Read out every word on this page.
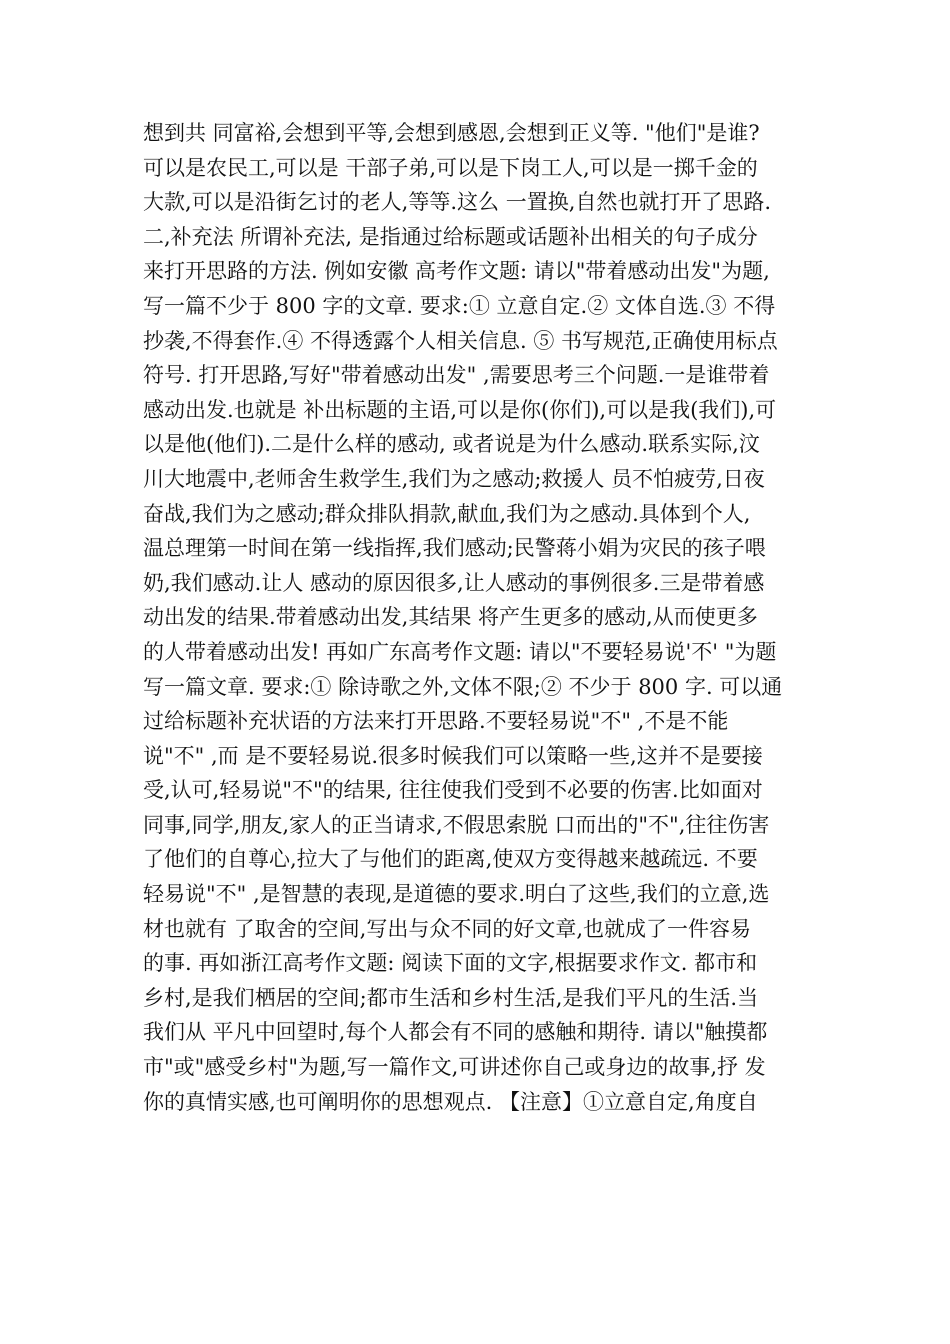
想到共 同富裕,会想到平等,会想到感恩,会想到正义等. "他们"是谁?
可以是农民工,可以是 干部子弟,可以是下岗工人,可以是一掷千金的
大款,可以是沿街乞讨的老人,等等.这么 一置换,自然也就打开了思路.
二,补充法 所谓补充法, 是指通过给标题或话题补出相关的句子成分
来打开思路的方法. 例如安徽 高考作文题: 请以"带着感动出发"为题,
写一篇不少于 800 字的文章. 要求:① 立意自定.② 文体自选.③ 不得
抄袭,不得套作.④ 不得透露个人相关信息. ⑤ 书写规范,正确使用标点
符号. 打开思路,写好"带着感动出发" ,需要思考三个问题.一是谁带着
感动出发.也就是 补出标题的主语,可以是你(你们),可以是我(我们),可
以是他(他们).二是什么样的感动, 或者说是为什么感动.联系实际,汶
川大地震中,老师舍生救学生,我们为之感动;救援人 员不怕疲劳,日夜
奋战,我们为之感动;群众排队捐款,献血,我们为之感动.具体到个人,
温总理第一时间在第一线指挥,我们感动;民警蒋小娟为灾民的孩子喂
奶,我们感动.让人 感动的原因很多,让人感动的事例很多.三是带着感
动出发的结果.带着感动出发,其结果 将产生更多的感动,从而使更多
的人带着感动出发! 再如广东高考作文题: 请以"不要轻易说'不' "为题
写一篇文章. 要求:① 除诗歌之外,文体不限;② 不少于 800 字. 可以通
过给标题补充状语的方法来打开思路.不要轻易说"不" ,不是不能
说"不" ,而 是不要轻易说.很多时候我们可以策略一些,这并不是要接
受,认可,轻易说"不"的结果, 往往使我们受到不必要的伤害.比如面对
同事,同学,朋友,家人的正当请求,不假思索脱 口而出的"不",往往伤害
了他们的自尊心,拉大了与他们的距离,使双方变得越来越疏远. 不要
轻易说"不" ,是智慧的表现,是道德的要求.明白了这些,我们的立意,选
材也就有 了取舍的空间,写出与众不同的好文章,也就成了一件容易
的事. 再如浙江高考作文题: 阅读下面的文字,根据要求作文. 都市和
乡村,是我们栖居的空间;都市生活和乡村生活,是我们平凡的生活.当
我们从 平凡中回望时,每个人都会有不同的感触和期待. 请以"触摸都
市"或"感受乡村"为题,写一篇作文,可讲述你自己或身边的故事,抒 发
你的真情实感,也可阐明你的思想观点. 【注意】①立意自定,角度自
